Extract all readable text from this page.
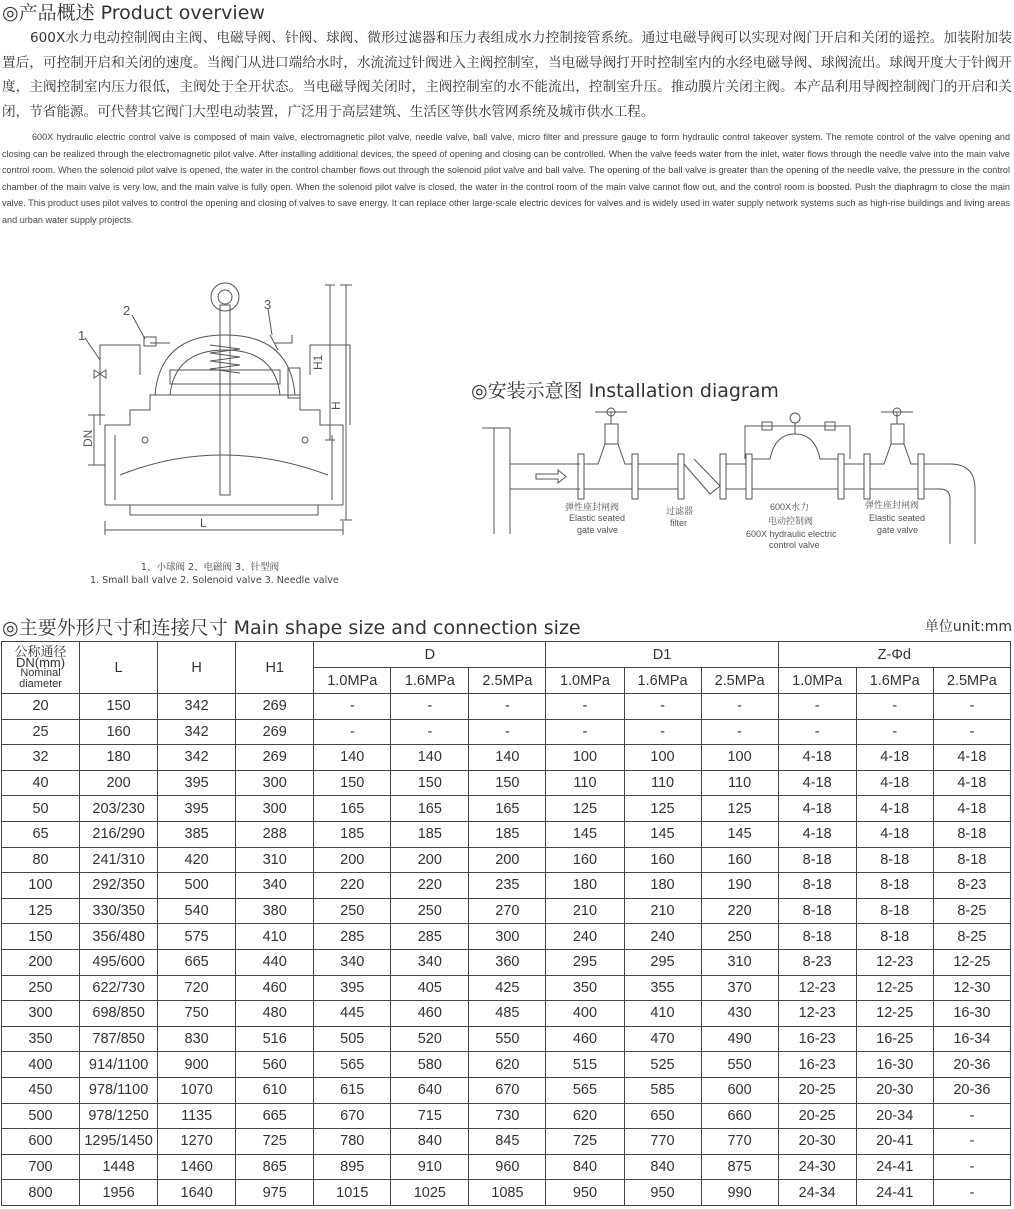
◎产品概述 Product overview
600X水力电动控制阀由主阀、电磁导阀、针阀、球阀、微形过滤器和压力表组成水力控制接管系统。通过电磁导阀可以实现对阀门开启和关闭的遥控。加装附加装置后，可控制开启和关闭的速度。当阀门从进口端给水时，水流流过针阀进入主阀控制室，当电磁导阀打开时控制室内的水经电磁导阀、球阀流出。球阀开度大于针阀开度，主阀控制室内压力很低，主阀处于全开状态。当电磁导阀关闭时，主阀控制室的水不能流出，控制室升压。推动膜片关闭主阀。本产品利用导阀控制阀门的开启和关闭，节省能源。可代替其它阀门大型电动装置，广泛用于高层建筑、生活区等供水管网系统及城市供水工程。
600X hydraulic electric control valve is composed of main valve, electromagnetic pilot valve, needle valve, ball valve, micro filter and pressure gauge to form hydraulic control takeover system. The remote control of the valve opening and closing can be realized through the electromagnetic pilot valve. After installing additional devices, the speed of opening and closing can be controlled. When the valve feeds water from the inlet, water flows through the needle valve into the main valve control room. When the solenoid pilot valve is opened, the water in the control chamber flows out through the solenoid pilot valve and ball valve. The opening of the ball valve is greater than the opening of the needle valve, the pressure in the control chamber of the main valve is very low, and the main valve is fully open. When the solenoid pilot valve is closed, the water in the control room of the main valve cannot flow out, and the control room is boosted. Push the diaphragm to close the main valve. This product uses pilot valves to control the opening and closing of valves to save energy. It can replace other large-scale electric devices for valves and is widely used in water supply network systems such as high-rise buildings and living areas and urban water supply projects.
1
2	3
H1
H
DN
L
1、小球阀 2、电磁阀 3、针型阀
1. Small ball valve 2. Solenoid valve 3. Needle valve
◎安装示意图 Installation diagram
弹性座封闸阀
Elastic seated
gate valve
过滤器
filter
600X水力
电动控制阀
600X hydraulic electric
control valve
弹性座封闸阀
Elastic seated
gate valve
◎主要外形尺寸和连接尺寸 Main shape size and connection size	单位unit:mm
公称通径
DN(mm)
Nominal
diameter	L	H	H1	D			D1			Z-Φd		
				1.0MPa	1.6MPa	2.5MPa	1.0MPa	1.6MPa	2.5MPa	1.0MPa	1.6MPa	2.5MPa
20	150	342	269	-	-	-	-	-	-	-	-	-
25	160	342	269	-	-	-	-	-	-	-	-	-
32	180	342	269	140	140	140	100	100	100	4-18	4-18	4-18
40	200	395	300	150	150	150	110	110	110	4-18	4-18	4-18
50	203/230	395	300	165	165	165	125	125	125	4-18	4-18	4-18
65	216/290	385	288	185	185	185	145	145	145	4-18	4-18	8-18
80	241/310	420	310	200	200	200	160	160	160	8-18	8-18	8-18
100	292/350	500	340	220	220	235	180	180	190	8-18	8-18	8-23
125	330/350	540	380	250	250	270	210	210	220	8-18	8-18	8-25
150	356/480	575	410	285	285	300	240	240	250	8-18	8-18	8-25
200	495/600	665	440	340	340	360	295	295	310	8-23	12-23	12-25
250	622/730	720	460	395	405	425	350	355	370	12-23	12-25	12-30
300	698/850	750	480	445	460	485	400	410	430	12-23	12-25	16-30
350	787/850	830	516	505	520	550	460	470	490	16-23	16-25	16-34
400	914/1100	900	560	565	580	620	515	525	550	16-23	16-30	20-36
450	978/1100	1070	610	615	640	670	565	585	600	20-25	20-30	20-36
500	978/1250	1135	665	670	715	730	620	650	660	20-25	20-34	-
600	1295/1450	1270	725	780	840	845	725	770	770	20-30	20-41	-
700	1448	1460	865	895	910	960	840	840	875	24-30	24-41	-
800	1956	1640	975	1015	1025	1085	950	950	990	24-34	24-41	-
